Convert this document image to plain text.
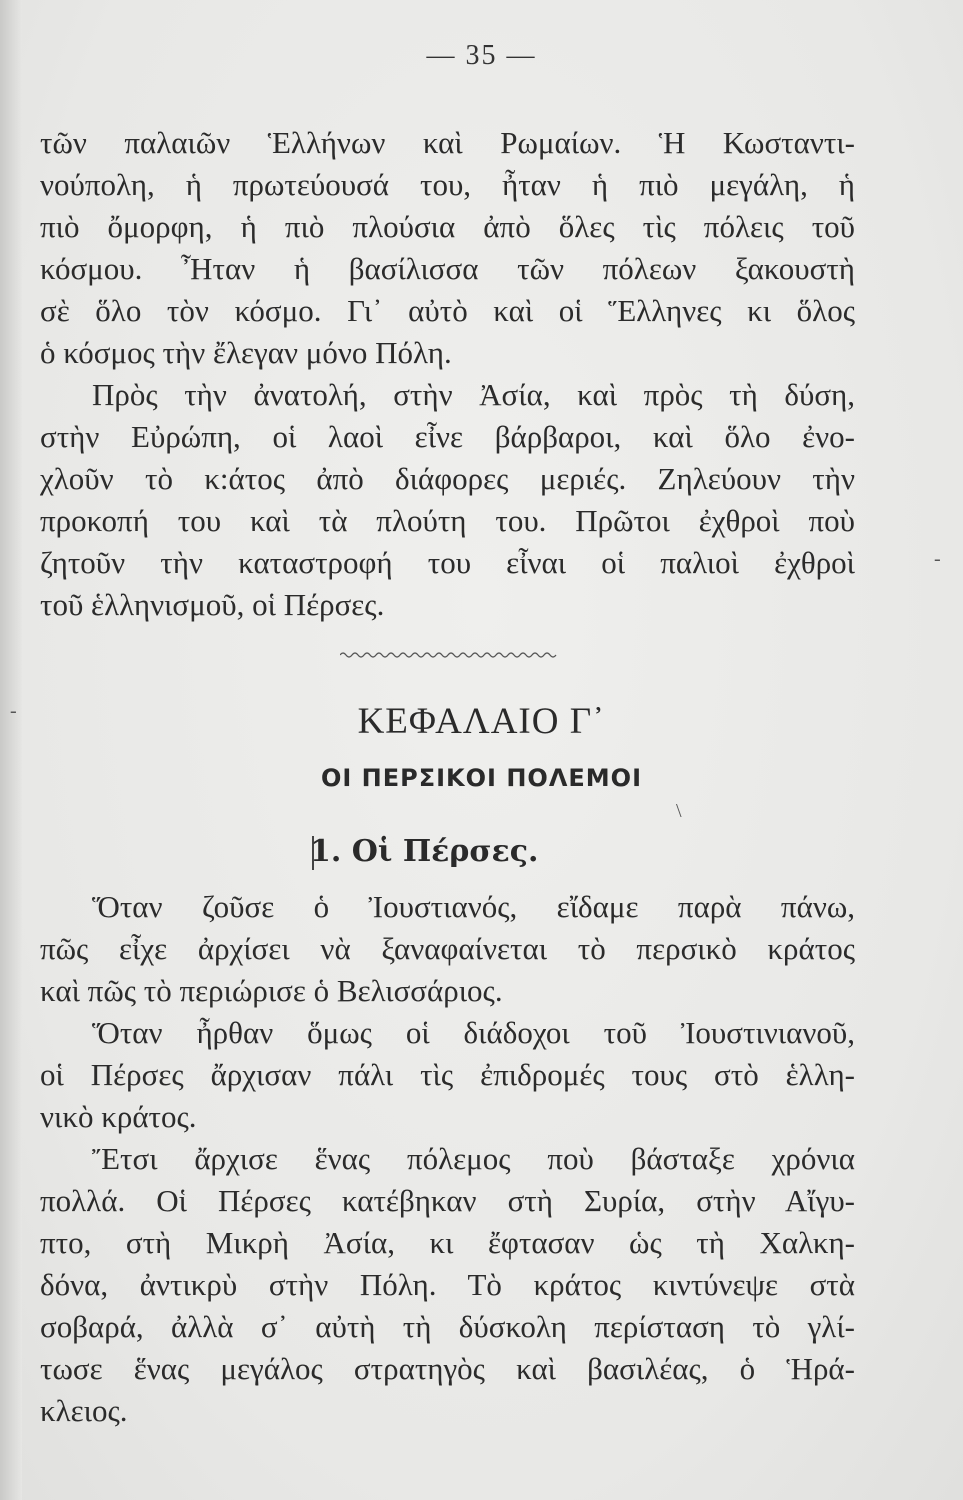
— 35 —
τῶν παλαιῶν Ἑλλήνων καὶ Ρωμαίων. Ἡ Κωσταντι-
νούπολη, ἡ πρωτεύουσά του, ἦταν ἡ πιὸ μεγάλη, ἡ
πιὸ ὄμορφη, ἡ πιὸ πλούσια ἀπὸ ὅλες τὶς πόλεις τοῦ
κόσμου. Ἦταν ἡ βασίλισσα τῶν πόλεων ξακουστὴ
σὲ ὅλο τὸν κόσμο. Γι᾿ αὐτὸ καὶ οἱ Ἕλληνες κι ὅλος
ὁ κόσμος τὴν ἔλεγαν μόνο Πόλη.
Πρὸς τὴν ἀνατολή, στὴν Ἀσία, καὶ πρὸς τὴ δύση,
στὴν Εὐρώπη, οἱ λαοὶ εἶνε βάρβαροι, καὶ ὅλο ἐνο-
χλοῦν τὸ κ:άτος ἀπὸ διάφορες μεριές. Ζηλεύουν τὴν
προκοπή του καὶ τὰ πλούτη του. Πρῶτοι ἐχθροὶ ποὺ
ζητοῦν τὴν καταστροφή του εἶναι οἱ παλιοὶ ἐχθροὶ
τοῦ ἑλληνισμοῦ, οἱ Πέρσες.
ΚΕΦΑΛΑΙΟ Γ᾿
ΟΙ ΠΕΡΣΙΚΟΙ ΠΟΛΕΜΟΙ
1. Οἱ Πέρσες.
Ὅταν ζοῦσε ὁ Ἰουστιανός, εἴδαμε παρὰ πάνω,
πῶς εἶχε ἀρχίσει νὰ ξαναφαίνεται τὸ περσικὸ κράτος
καὶ πῶς τὸ περιώρισε ὁ Βελισσάριος.
Ὅταν ἦρθαν ὅμως οἱ διάδοχοι τοῦ Ἰουστινιανοῦ,
οἱ Πέρσες ἄρχισαν πάλι τὶς ἐπιδρομές τους στὸ ἑλλη-
νικὸ κράτος.
Ἔτσι ἄρχισε ἕνας πόλεμος ποὺ βάσταξε χρόνια
πολλά. Οἱ Πέρσες κατέβηκαν στὴ Συρία, στὴν Αἴγυ-
πτο, στὴ Μικρὴ Ἀσία, κι ἔφτασαν ὡς τὴ Χαλκη-
δόνα, ἀντικρὺ στὴν Πόλη. Τὸ κράτος κιντύνεψε στὰ
σοβαρά, ἀλλὰ σ᾿ αὐτὴ τὴ δύσκολη περίσταση τὸ γλί-
τωσε ἕνας μεγάλος στρατηγὸς καὶ βασιλέας, ὁ Ἡρά-
κλειος.
-
-
\
